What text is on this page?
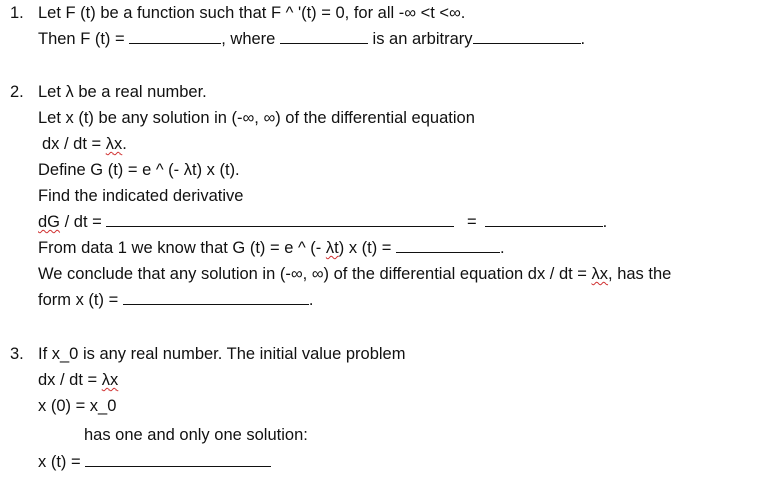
1. Let F (t) be a function such that F ^ '(t) = 0, for all -∞ <t <∞.
Then F (t) =	, where	is an arbitrary	.
2. Let λ be a real number.
Let x (t) be any solution in (-∞, ∞) of the differential equation
dx / dt = λx.
Define G (t) = e ^ (- λt) x (t).
Find the indicated derivative
dG / dt =	=	.
From data 1 we know that G (t) = e ^ (- λt) x (t) =	.
We conclude that any solution in (-∞, ∞) of the differential equation dx / dt = λx, has the
form x (t) =	.
3. If x_0 is any real number. The initial value problem
dx / dt = λx
x (0) = x_0
has one and only one solution:
x (t) =
